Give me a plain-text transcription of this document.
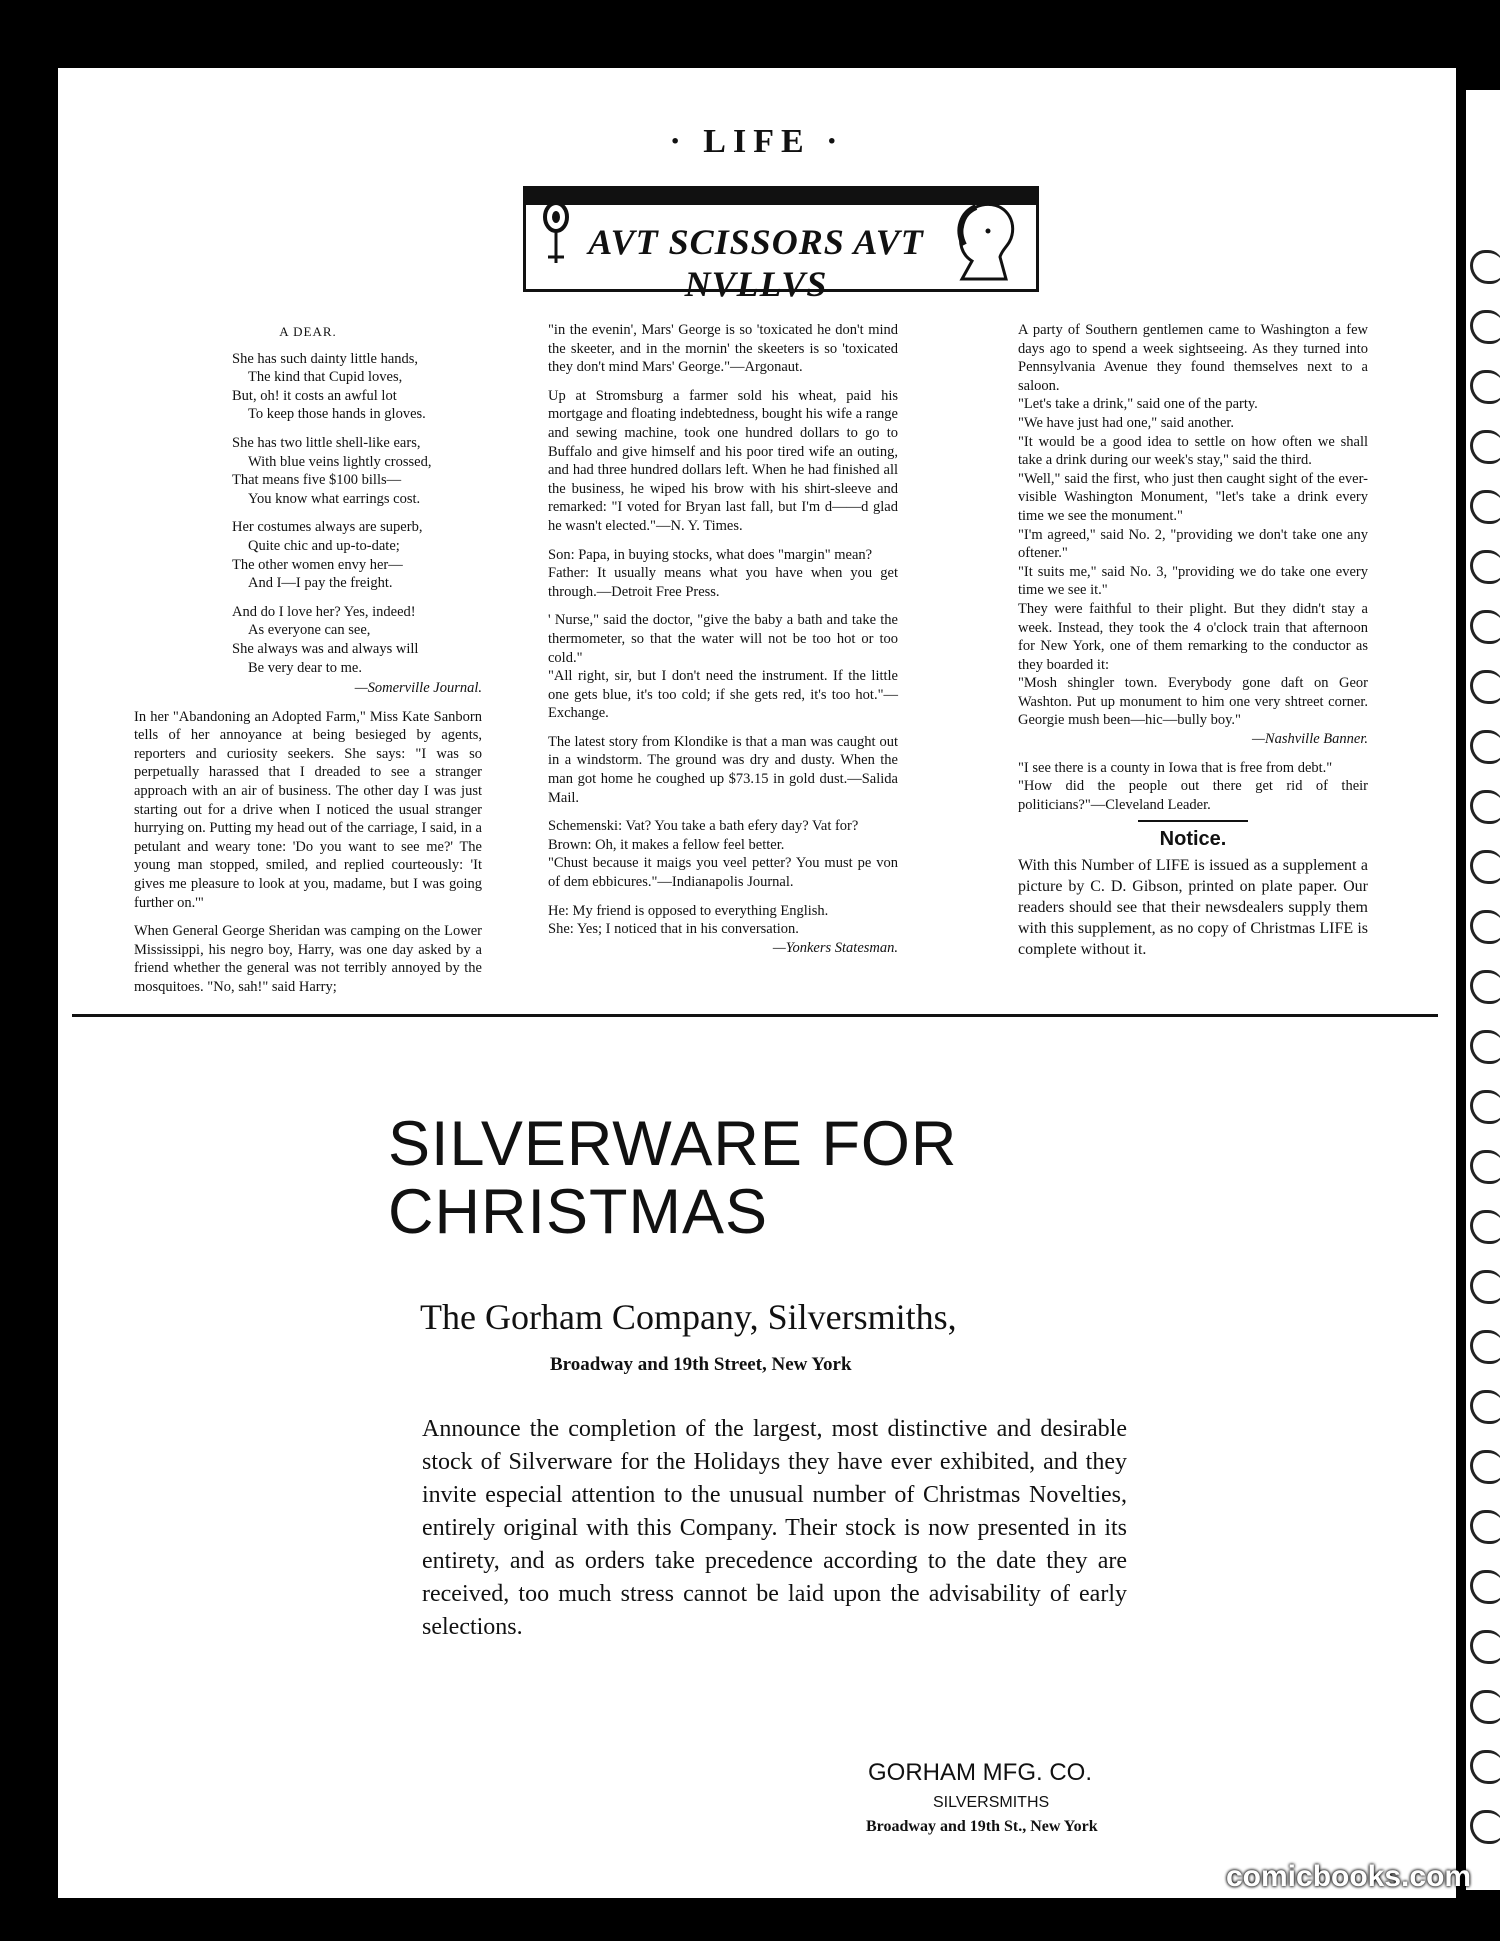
· LIFE ·
AVT SCISSORS AVT NVLLVS
A DEAR.
She has such dainty little hands,
The kind that Cupid loves,
But, oh! it costs an awful lot
To keep those hands in gloves.
She has two little shell-like ears,
With blue veins lightly crossed,
That means five $100 bills—
You know what earrings cost.
Her costumes always are superb,
Quite chic and up-to-date;
The other women envy her—
And I—I pay the freight.
And do I love her? Yes, indeed!
As everyone can see,
She always was and always will
Be very dear to me.

—Somerville Journal.

In her "Abandoning an Adopted Farm," Miss Kate Sanborn tells of her annoyance at being besieged by agents, reporters and curiosity seekers. She says: "I was so perpetually harassed that I dreaded to see a stranger approach with an air of business. The other day I was just starting out for a drive when I noticed the usual stranger hurrying on. Putting my head out of the carriage, I said, in a petulant and weary tone: 'Do you want to see me?' The young man stopped, smiled, and replied courteously: 'It gives me pleasure to look at you, madame, but I was going further on.'"

When General George Sheridan was camping on the Lower Mississippi, his negro boy, Harry, was one day asked by a friend whether the general was not terribly annoyed by the mosquitoes. "No, sah!" said Harry;

"in the evenin', Mars' George is so 'toxicated he don't mind the skeeter, and in the mornin' the skeeters is so 'toxicated they don't mind Mars' George."—Argonaut.

Up at Stromsburg a farmer sold his wheat, paid his mortgage and floating indebtedness, bought his wife a range and sewing machine, took one hundred dollars to go to Buffalo and give himself and his poor tired wife an outing, and had three hundred dollars left. When he had finished all the business, he wiped his brow with his shirt-sleeve and remarked: "I voted for Bryan last fall, but I'm d——d glad he wasn't elected."—N. Y. Times.

Son: Papa, in buying stocks, what does "margin" mean?

Father: It usually means what you have when you get through.—Detroit Free Press.

' Nurse," said the doctor, "give the baby a bath and take the thermometer, so that the water will not be too hot or too cold."

"All right, sir, but I don't need the instrument. If the little one gets blue, it's too cold; if she gets red, it's too hot."—Exchange.

The latest story from Klondike is that a man was caught out in a windstorm. The ground was dry and dusty. When the man got home he coughed up $73.15 in gold dust.—Salida Mail.

Schemenski: Vat? You take a bath efery day? Vat for?

Brown: Oh, it makes a fellow feel better.

"Chust because it maigs you veel petter? You must pe von of dem ebbicures."—Indianapolis Journal.

He: My friend is opposed to everything English.

She: Yes; I noticed that in his conversation.

—Yonkers Statesman.

A party of Southern gentlemen came to Washington a few days ago to spend a week sightseeing. As they turned into Pennsylvania Avenue they found themselves next to a saloon.

"Let's take a drink," said one of the party.

"We have just had one," said another.

"It would be a good idea to settle on how often we shall take a drink during our week's stay," said the third.

"Well," said the first, who just then caught sight of the ever-visible Washington Monument, "let's take a drink every time we see the monument."

"I'm agreed," said No. 2, "providing we don't take one any oftener."

"It suits me," said No. 3, "providing we do take one every time we see it."

They were faithful to their plight. But they didn't stay a week. Instead, they took the 4 o'clock train that afternoon for New York, one of them remarking to the conductor as they boarded it:

"Mosh shingler town. Everybody gone daft on Geor Washton. Put up monument to him one very shtreet corner. Georgie mush been—hic—bully boy."

—Nashville Banner.

"I see there is a county in Iowa that is free from debt."

"How did the people out there get rid of their politicians?"—Cleveland Leader.

Notice.
With this Number of LIFE is issued as a supplement a picture by C. D. Gibson, printed on plate paper. Our readers should see that their newsdealers supply them with this supplement, as no copy of Christmas LIFE is complete without it.
SILVERWARE FOR
CHRISTMAS
The Gorham Company, Silversmiths,
Broadway and 19th Street, New York
Announce the completion of the largest, most distinctive and desirable stock of Silverware for the Holidays they have ever exhibited, and they invite especial attention to the unusual number of Christmas Novelties, entirely original with this Company. Their stock is now presented in its entirety, and as orders take precedence according to the date they are received, too much stress cannot be laid upon the advisability of early selections.
GORHAM MFG. CO.
SILVERSMITHS
Broadway and 19th St., New York
comicbooks.com
